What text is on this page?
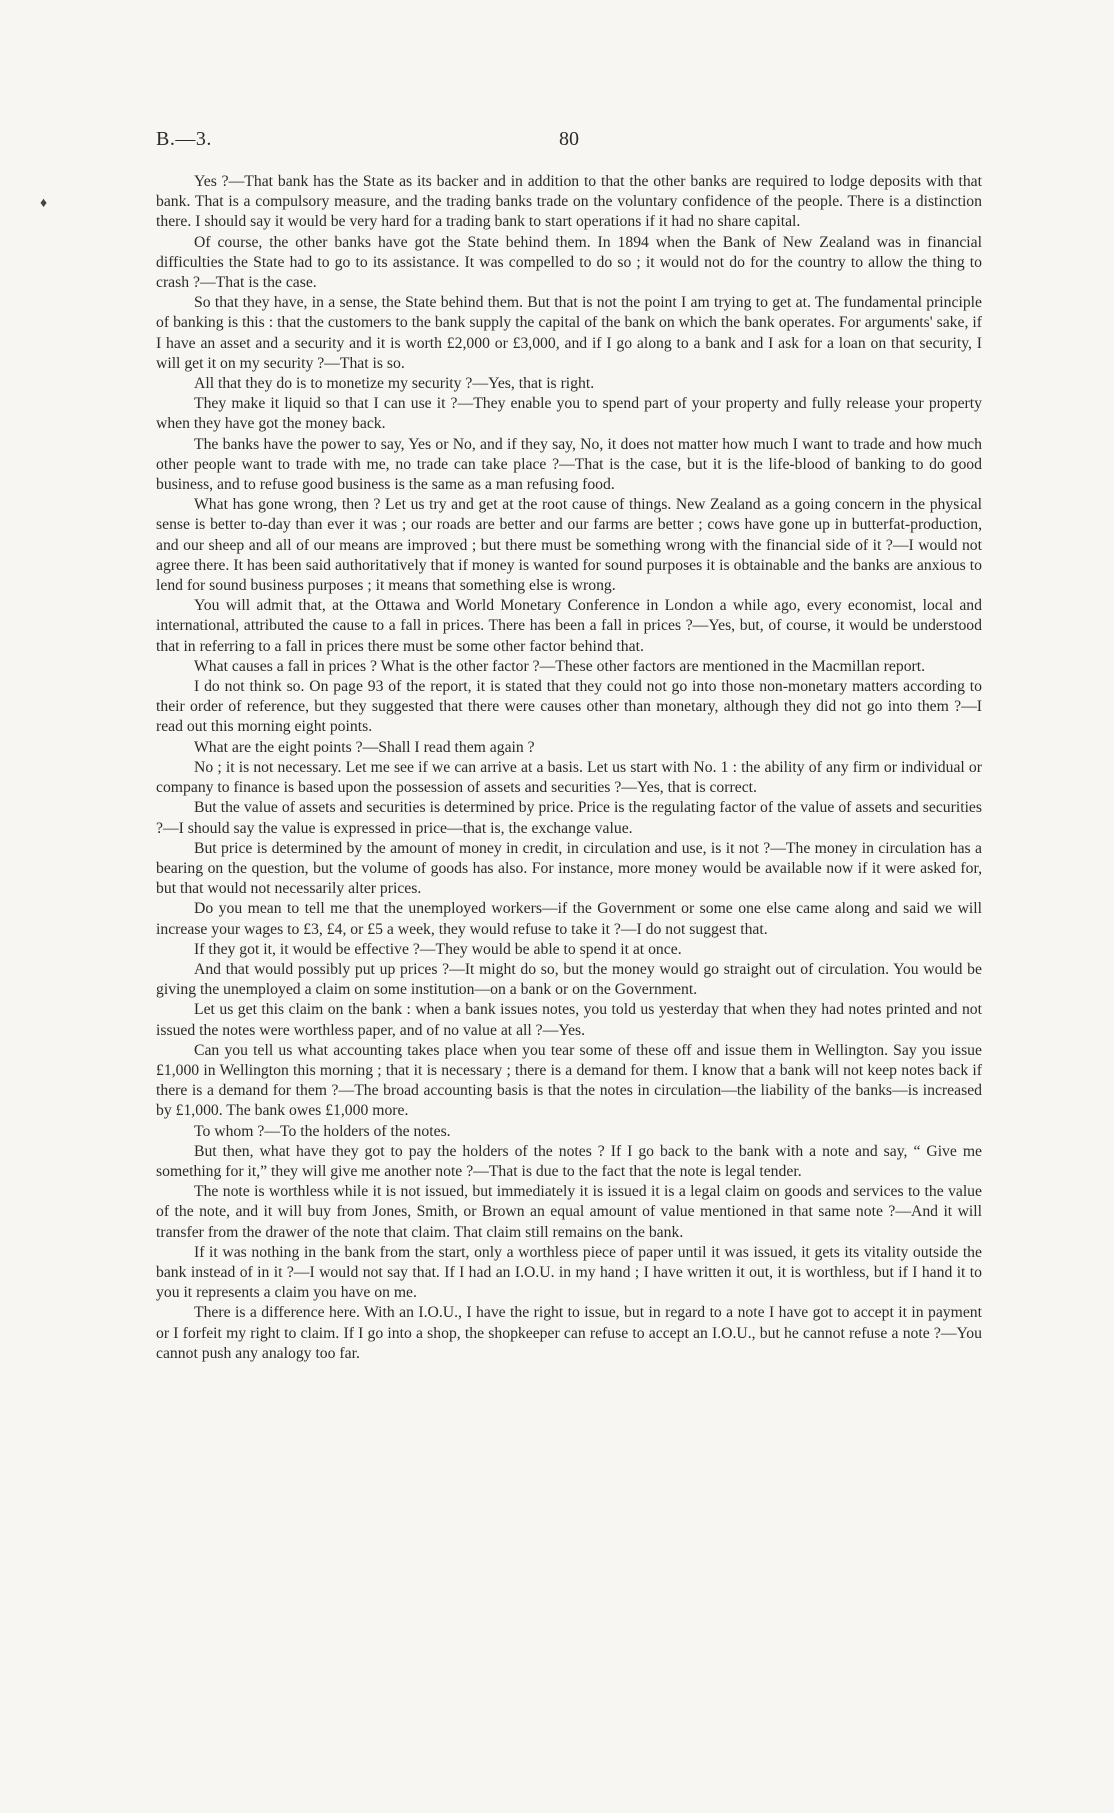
B.—3.	80
♦

Yes ?—That bank has the State as its backer and in addition to that the other banks are required to lodge deposits with that bank. That is a compulsory measure, and the trading banks trade on the voluntary confidence of the people. There is a distinction there. I should say it would be very hard for a trading bank to start operations if it had no share capital.

Of course, the other banks have got the State behind them. In 1894 when the Bank of New Zealand was in financial difficulties the State had to go to its assistance. It was compelled to do so ; it would not do for the country to allow the thing to crash ?—That is the case.

So that they have, in a sense, the State behind them. But that is not the point I am trying to get at. The fundamental principle of banking is this : that the customers to the bank supply the capital of the bank on which the bank operates. For arguments' sake, if I have an asset and a security and it is worth £2,000 or £3,000, and if I go along to a bank and I ask for a loan on that security, I will get it on my security ?—That is so.

All that they do is to monetize my security ?—Yes, that is right.

They make it liquid so that I can use it ?—They enable you to spend part of your property and fully release your property when they have got the money back.

The banks have the power to say, Yes or No, and if they say, No, it does not matter how much I want to trade and how much other people want to trade with me, no trade can take place ?—That is the case, but it is the life-blood of banking to do good business, and to refuse good business is the same as a man refusing food.

What has gone wrong, then ? Let us try and get at the root cause of things. New Zealand as a going concern in the physical sense is better to-day than ever it was ; our roads are better and our farms are better ; cows have gone up in butterfat-production, and our sheep and all of our means are improved ; but there must be something wrong with the financial side of it ?—I would not agree there. It has been said authoritatively that if money is wanted for sound purposes it is obtainable and the banks are anxious to lend for sound business purposes ; it means that something else is wrong.

You will admit that, at the Ottawa and World Monetary Conference in London a while ago, every economist, local and international, attributed the cause to a fall in prices. There has been a fall in prices ?—Yes, but, of course, it would be understood that in referring to a fall in prices there must be some other factor behind that.

What causes a fall in prices ? What is the other factor ?—These other factors are mentioned in the Macmillan report.

I do not think so. On page 93 of the report, it is stated that they could not go into those non-monetary matters according to their order of reference, but they suggested that there were causes other than monetary, although they did not go into them ?—I read out this morning eight points.

What are the eight points ?—Shall I read them again ?

No ; it is not necessary. Let me see if we can arrive at a basis. Let us start with No. 1 : the ability of any firm or individual or company to finance is based upon the possession of assets and securities ?—Yes, that is correct.

But the value of assets and securities is determined by price. Price is the regulating factor of the value of assets and securities ?—I should say the value is expressed in price—that is, the exchange value.

But price is determined by the amount of money in credit, in circulation and use, is it not ?—The money in circulation has a bearing on the question, but the volume of goods has also. For instance, more money would be available now if it were asked for, but that would not necessarily alter prices.

Do you mean to tell me that the unemployed workers—if the Government or some one else came along and said we will increase your wages to £3, £4, or £5 a week, they would refuse to take it ?—I do not suggest that.

If they got it, it would be effective ?—They would be able to spend it at once.

And that would possibly put up prices ?—It might do so, but the money would go straight out of circulation. You would be giving the unemployed a claim on some institution—on a bank or on the Government.

Let us get this claim on the bank : when a bank issues notes, you told us yesterday that when they had notes printed and not issued the notes were worthless paper, and of no value at all ?—Yes.

Can you tell us what accounting takes place when you tear some of these off and issue them in Wellington. Say you issue £1,000 in Wellington this morning ; that it is necessary ; there is a demand for them. I know that a bank will not keep notes back if there is a demand for them ?—The broad accounting basis is that the notes in circulation—the liability of the banks—is increased by £1,000. The bank owes £1,000 more.

To whom ?—To the holders of the notes.

But then, what have they got to pay the holders of the notes ? If I go back to the bank with a note and say, “ Give me something for it,” they will give me another note ?—That is due to the fact that the note is legal tender.

The note is worthless while it is not issued, but immediately it is issued it is a legal claim on goods and services to the value of the note, and it will buy from Jones, Smith, or Brown an equal amount of value mentioned in that same note ?—And it will transfer from the drawer of the note that claim. That claim still remains on the bank.

If it was nothing in the bank from the start, only a worthless piece of paper until it was issued, it gets its vitality outside the bank instead of in it ?—I would not say that. If I had an I.O.U. in my hand ; I have written it out, it is worthless, but if I hand it to you it represents a claim you have on me.

There is a difference here. With an I.O.U., I have the right to issue, but in regard to a note I have got to accept it in payment or I forfeit my right to claim. If I go into a shop, the shopkeeper can refuse to accept an I.O.U., but he cannot refuse a note ?—You cannot push any analogy too far.
